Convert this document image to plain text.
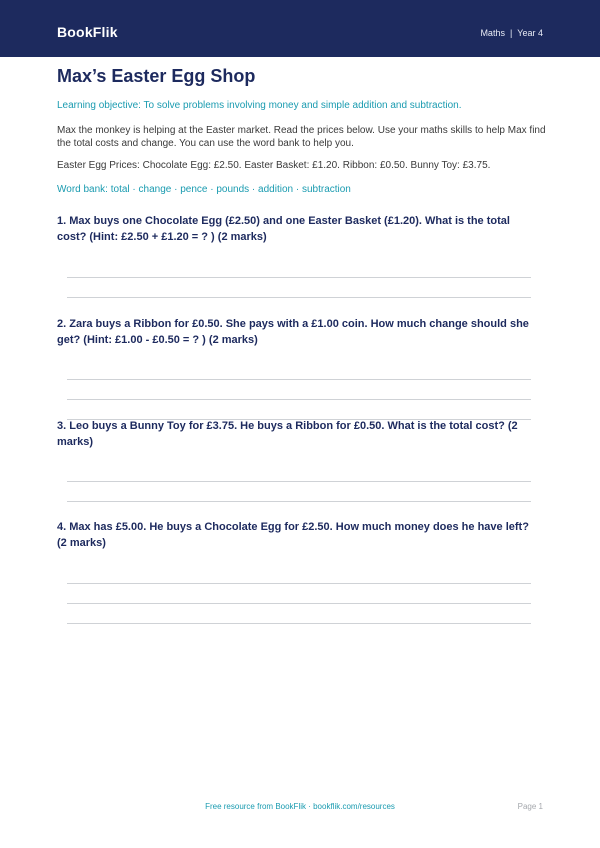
BookFlik	Maths | Year 4
Max’s Easter Egg Shop

Learning objective: To solve problems involving money and simple addition and subtraction.

Max the monkey is helping at the Easter market. Read the prices below. Use your maths skills to help Max find the total costs and change. You can use the word bank to help you.

Easter Egg Prices: Chocolate Egg: £2.50. Easter Basket: £1.20. Ribbon: £0.50. Bunny Toy: £3.75.

Word bank: total · change · pence · pounds · addition · subtraction

1. Max buys one Chocolate Egg (£2.50) and one Easter Basket (£1.20). What is the total cost? (Hint: £2.50 + £1.20 = ? ) (2 marks)

2. Zara buys a Ribbon for £0.50. She pays with a £1.00 coin. How much change should she get? (Hint: £1.00 - £0.50 = ? ) (2 marks)

3. Leo buys a Bunny Toy for £3.75. He buys a Ribbon for £0.50. What is the total cost? (2 marks)

4. Max has £5.00. He buys a Chocolate Egg for £2.50. How much money does he have left? (2 marks)

Free resource from BookFlik · bookflik.com/resources	Page 1
